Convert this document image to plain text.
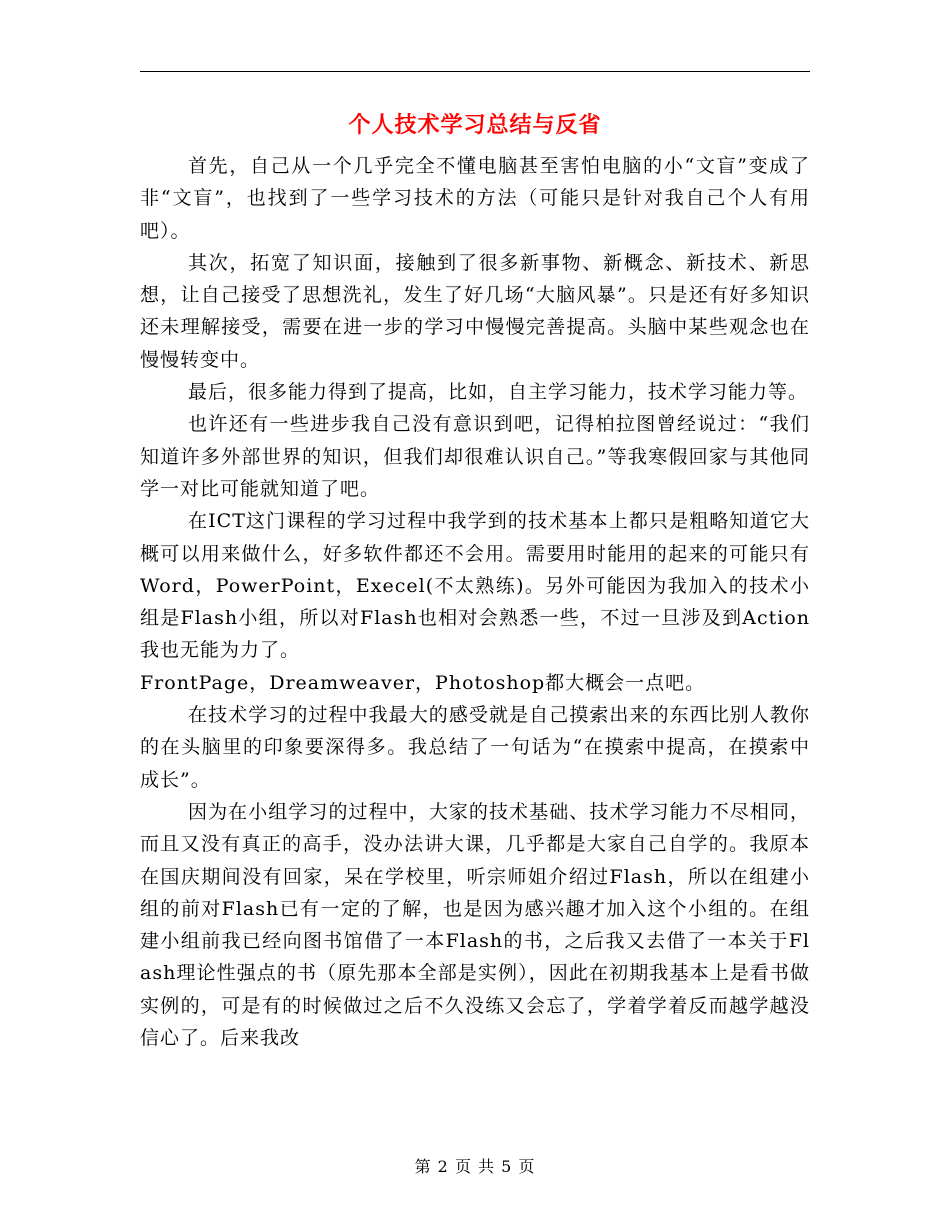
个人技术学习总结与反省

首先，自己从一个几乎完全不懂电脑甚至害怕电脑的小“文盲”变成了非“文盲”，也找到了一些学习技术的方法（可能只是针对我自己个人有用吧）。

其次，拓宽了知识面，接触到了很多新事物、新概念、新技术、新思想，让自己接受了思想洗礼，发生了好几场“大脑风暴”。只是还有好多知识还未理解接受，需要在进一步的学习中慢慢完善提高。头脑中某些观念也在慢慢转变中。

最后，很多能力得到了提高，比如，自主学习能力，技术学习能力等。

也许还有一些进步我自己没有意识到吧，记得柏拉图曾经说过：“我们知道许多外部世界的知识，但我们却很难认识自己。”等我寒假回家与其他同学一对比可能就知道了吧。

在ICT这门课程的学习过程中我学到的技术基本上都只是粗略知道它大概可以用来做什么，好多软件都还不会用。需要用时能用的起来的可能只有Word，PowerPoint，Execel(不太熟练)。另外可能因为我加入的技术小组是Flash小组，所以对Flash也相对会熟悉一些，不过一旦涉及到Action我也无能为力了。

FrontPage，Dreamweaver，Photoshop都大概会一点吧。

在技术学习的过程中我最大的感受就是自己摸索出来的东西比别人教你的在头脑里的印象要深得多。我总结了一句话为“在摸索中提高，在摸索中成长”。

因为在小组学习的过程中，大家的技术基础、技术学习能力不尽相同，而且又没有真正的高手，没办法讲大课，几乎都是大家自己自学的。我原本在国庆期间没有回家，呆在学校里，听宗师姐介绍过Flash，所以在组建小组的前对Flash已有一定的了解，也是因为感兴趣才加入这个小组的。在组建小组前我已经向图书馆借了一本Flash的书，之后我又去借了一本关于Flash理论性强点的书（原先那本全部是实例），因此在初期我基本上是看书做实例的，可是有的时候做过之后不久没练又会忘了，学着学着反而越学越没信心了。后来我改

第 2 页 共 5 页
